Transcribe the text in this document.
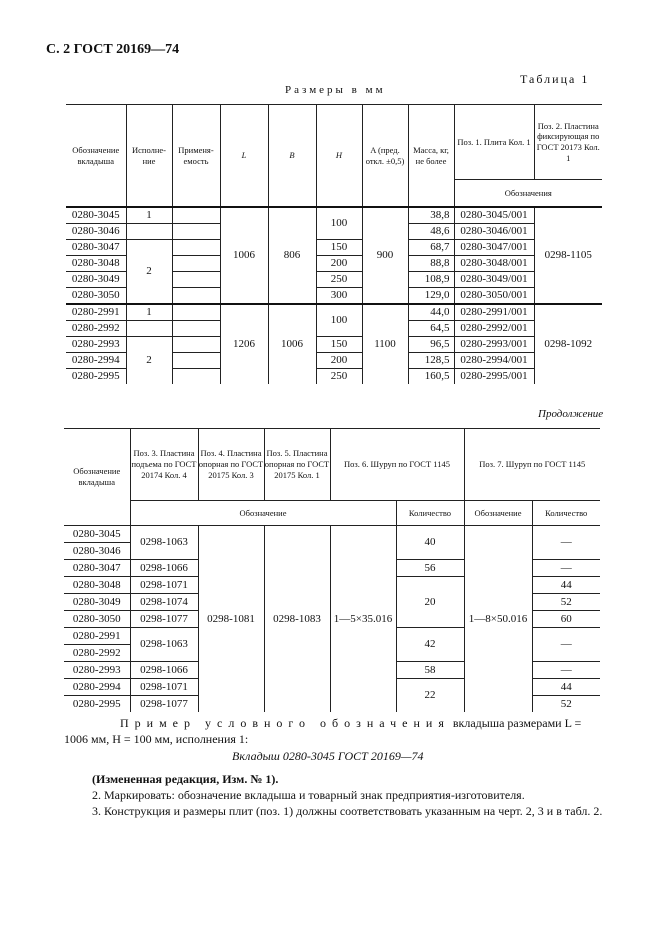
С. 2 ГОСТ 20169—74
Таблица 1
Размеры в мм
Обозначение вкладыша	Исполне-ние	Применя-емость	L	B	H	A (пред. откл. ±0,5)	Масса, кг, не более	Поз. 1. Плита Кол. 1	Поз. 2. Пластина фиксирующая по ГОСТ 20173 Кол. 1
								Обозначения	
0280-3045	1		1006	806	100	900	38,8	0280-3045/001	0298-1105
0280-3046							48,6	0280-3046/001	
0280-3047	2				150		68,7	0280-3047/001	
0280-3048					200		88,8	0280-3048/001	
0280-3049					250		108,9	0280-3049/001	
0280-3050					300		129,0	0280-3050/001	
0280-2991	1		1206	1006	100	1100	44,0	0280-2991/001	0298-1092
0280-2992							64,5	0280-2992/001	
0280-2993	2				150		96,5	0280-2993/001	
0280-2994					200		128,5	0280-2994/001	
0280-2995					250		160,5	0280-2995/001	
Продолжение
Обозначение вкладыша	Поз. 3. Пластина подъема по ГОСТ 20174 Кол. 4	Поз. 4. Пластина опорная по ГОСТ 20175 Кол. 3	Поз. 5. Пластина опорная по ГОСТ 20175 Кол. 1	Поз. 6. Шуруп по ГОСТ 1145		Поз. 7. Шуруп по ГОСТ 1145	
	Обозначение				Количество	Обозначение	Количество
0280-3045	0298-1063	0298-1081	0298-1083	1—5×35.016	40	1—8×50.016	—
0280-3046							
0280-3047	0298-1066				56		—
0280-3048	0298-1071				20		44
0280-3049	0298-1074						52
0280-3050	0298-1077						60
0280-2991	0298-1063				42		—
0280-2992							
0280-2993	0298-1066				58		—
0280-2994	0298-1071				22		44
0280-2995	0298-1077						52
Пример условного обозначения вкладыша размерами L = 1006 мм, H = 100 мм, исполнения 1:
Вкладыш 0280-3045 ГОСТ 20169—74

(Измененная редакция, Изм. № 1).

2. Маркировать: обозначение вкладыша и товарный знак предприятия-изготовителя.

3. Конструкция и размеры плит (поз. 1) должны соответствовать указанным на черт. 2, 3 и в табл. 2.
